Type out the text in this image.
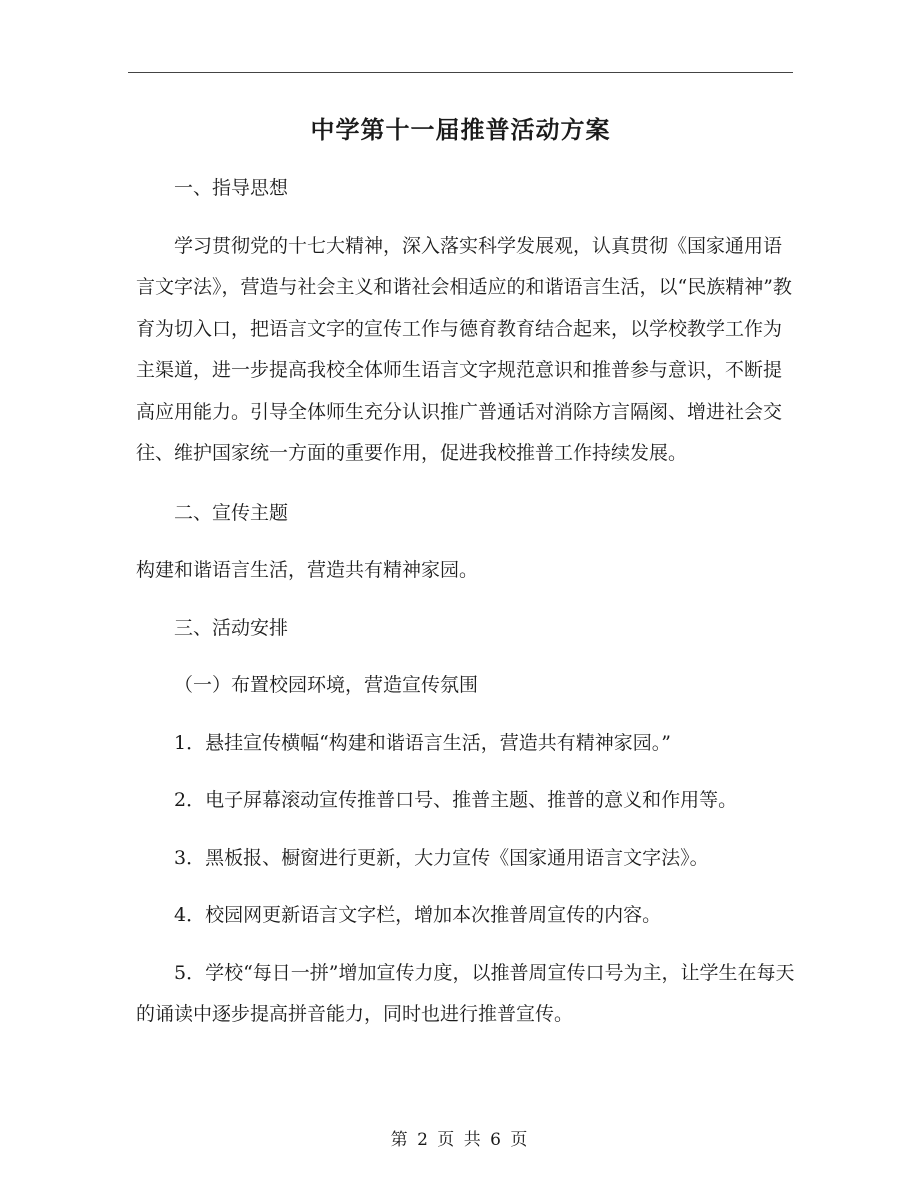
中学第十一届推普活动方案

一、指导思想

学习贯彻党的十七大精神，深入落实科学发展观，认真贯彻《国家通用语言文字法》，营造与社会主义和谐社会相适应的和谐语言生活，以“民族精神”教育为切入口，把语言文字的宣传工作与德育教育结合起来，以学校教学工作为主渠道，进一步提高我校全体师生语言文字规范意识和推普参与意识，不断提高应用能力。引导全体师生充分认识推广普通话对消除方言隔阂、增进社会交往、维护国家统一方面的重要作用，促进我校推普工作持续发展。

二、宣传主题

构建和谐语言生活，营造共有精神家园。

三、活动安排

（一）布置校园环境，营造宣传氛围

1．悬挂宣传横幅“构建和谐语言生活，营造共有精神家园。”

2．电子屏幕滚动宣传推普口号、推普主题、推普的意义和作用等。

3．黑板报、橱窗进行更新，大力宣传《国家通用语言文字法》。

4．校园网更新语言文字栏，增加本次推普周宣传的内容。

5．学校“每日一拼”增加宣传力度，以推普周宣传口号为主，让学生在每天的诵读中逐步提高拼音能力，同时也进行推普宣传。

第 2 页 共 6 页
